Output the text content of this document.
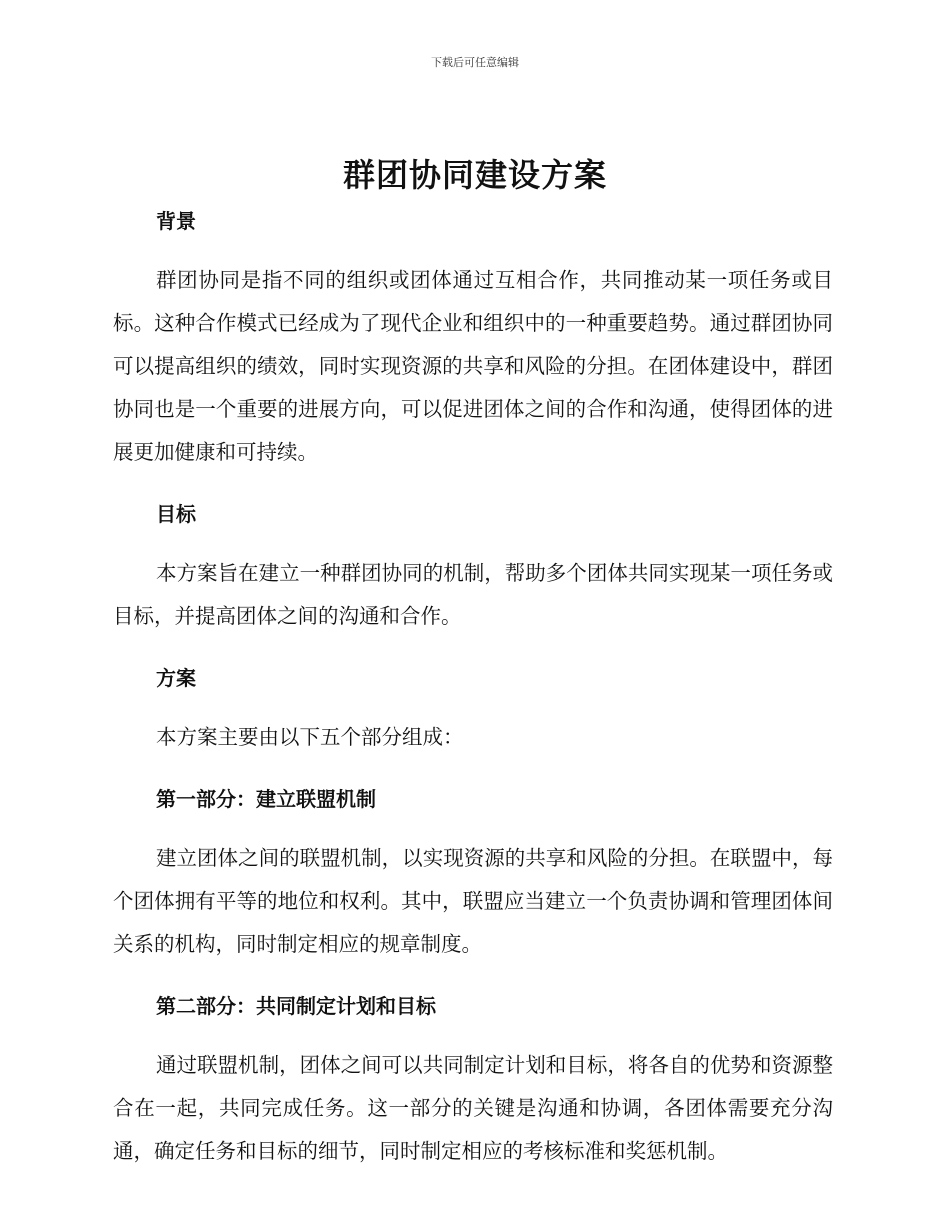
下载后可任意编辑
群团协同建设方案
背景

群团协同是指不同的组织或团体通过互相合作，共同推动某一项任务或目标。这种合作模式已经成为了现代企业和组织中的一种重要趋势。通过群团协同可以提高组织的绩效，同时实现资源的共享和风险的分担。在团体建设中，群团协同也是一个重要的进展方向，可以促进团体之间的合作和沟通，使得团体的进展更加健康和可持续。

目标

本方案旨在建立一种群团协同的机制，帮助多个团体共同实现某一项任务或目标，并提高团体之间的沟通和合作。

方案

本方案主要由以下五个部分组成：

第一部分：建立联盟机制

建立团体之间的联盟机制，以实现资源的共享和风险的分担。在联盟中，每个团体拥有平等的地位和权利。其中，联盟应当建立一个负责协调和管理团体间关系的机构，同时制定相应的规章制度。

第二部分：共同制定计划和目标

通过联盟机制，团体之间可以共同制定计划和目标，将各自的优势和资源整合在一起，共同完成任务。这一部分的关键是沟通和协调，各团体需要充分沟通，确定任务和目标的细节，同时制定相应的考核标准和奖惩机制。
